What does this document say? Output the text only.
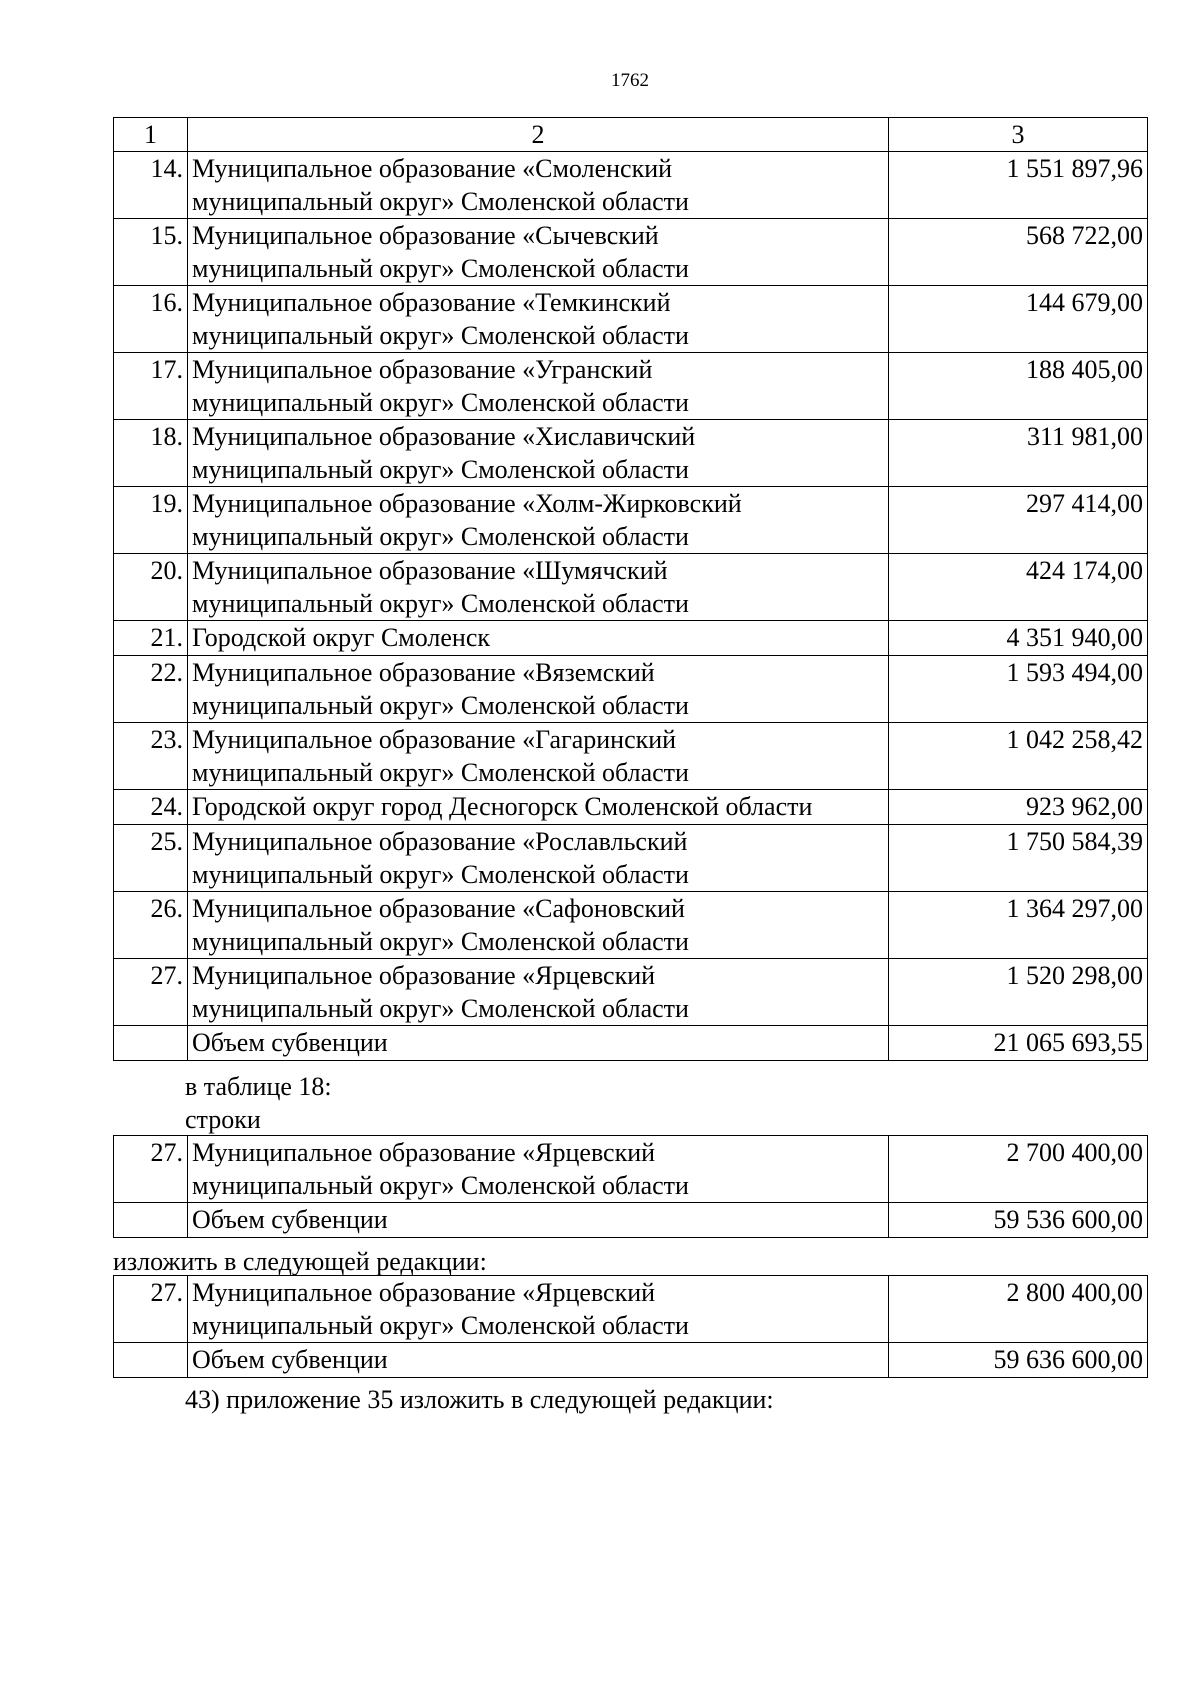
1762
1	2	3
14.	Муниципальное образование «Смоленский
муниципальный округ» Смоленской области	1 551 897,96
15.	Муниципальное образование «Сычевский
муниципальный округ» Смоленской области	568 722,00
16.	Муниципальное образование «Темкинский
муниципальный округ» Смоленской области	144 679,00
17.	Муниципальное образование «Угранский
муниципальный округ» Смоленской области	188 405,00
18.	Муниципальное образование «Хиславичский
муниципальный округ» Смоленской области	311 981,00
19.	Муниципальное образование «Холм-Жирковский
муниципальный округ» Смоленской области	297 414,00
20.	Муниципальное образование «Шумячский
муниципальный округ» Смоленской области	424 174,00
21.	Городской округ Смоленск	4 351 940,00
22.	Муниципальное образование «Вяземский
муниципальный округ» Смоленской области	1 593 494,00
23.	Муниципальное образование «Гагаринский
муниципальный округ» Смоленской области	1 042 258,42
24.	Городской округ город Десногорск Смоленской области	923 962,00
25.	Муниципальное образование «Рославльский
муниципальный округ» Смоленской области	1 750 584,39
26.	Муниципальное образование «Сафоновский
муниципальный округ» Смоленской области	1 364 297,00
27.	Муниципальное образование «Ярцевский
муниципальный округ» Смоленской области	1 520 298,00
	Объем субвенции	21 065 693,55
в таблице 18:
строки
27.	Муниципальное образование «Ярцевский
муниципальный округ» Смоленской области	2 700 400,00
	Объем субвенции	59 536 600,00
изложить в следующей редакции:
27.	Муниципальное образование «Ярцевский
муниципальный округ» Смоленской области	2 800 400,00
	Объем субвенции	59 636 600,00
43) приложение 35 изложить в следующей редакции:
